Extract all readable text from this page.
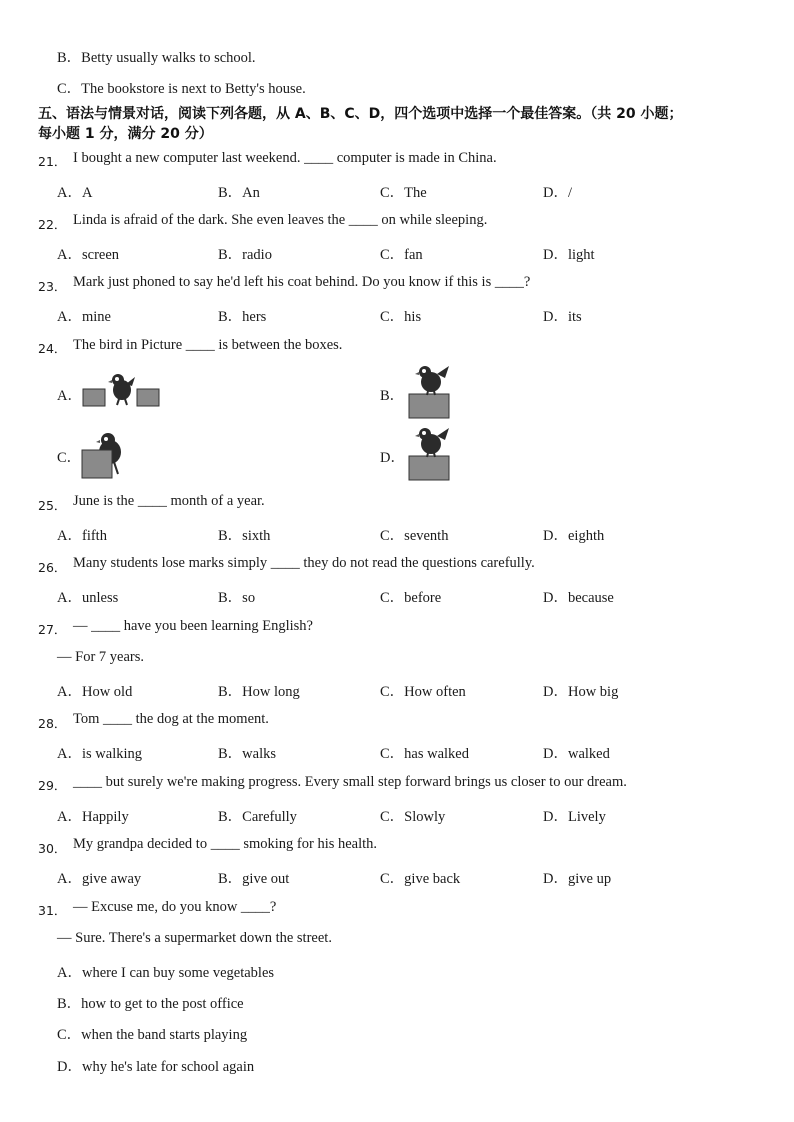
B．Betty usually walks to school.
C．The bookstore is next to Betty's house.
五、语法与情景对话，阅读下列各题，从 A、B、C、D，四个选项中选择一个最佳答案。（共 20 小题；
每小题 1 分，满分 20 分）
21． I bought a new computer last weekend. ____ computer is made in China.
A．A	B．An	C．The	D．/
22． Linda is afraid of the dark. She even leaves the ____ on while sleeping.
A．screen	B．radio	C．fan	D．light
23． Mark just phoned to say he'd left his coat behind. Do you know if this is ____?
A．mine	B．hers	C．his	D．its
24． The bird in Picture ____ is between the boxes.
A．	B．
C．	D．
25． June is the ____ month of a year.
A．fifth	B．sixth	C．seventh	D．eighth
26． Many students lose marks simply ____ they do not read the questions carefully.
A．unless	B．so	C．before	D．because
27． — ____ have you been learning English?
— For 7 years.
A．How old	B．How long	C．How often	D．How big
28． Tom ____ the dog at the moment.
A．is walking	B．walks	C．has walked	D．walked
29． ____ but surely we're making progress. Every small step forward brings us closer to our dream.
A．Happily	B．Carefully	C．Slowly	D．Lively
30． My grandpa decided to ____ smoking for his health.
A．give away	B．give out	C．give back	D．give up
31． — Excuse me, do you know ____?
— Sure. There's a supermarket down the street.
A．where I can buy some vegetables
B．how to get to the post office
C．when the band starts playing
D．why he's late for school again
